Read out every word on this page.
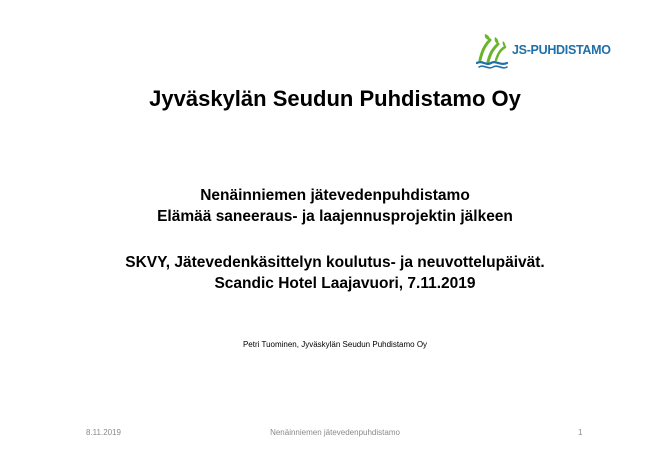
JS-PUHDISTAMO
Jyväskylän Seudun Puhdistamo Oy
Nenäinniemen jätevedenpuhdistamo
Elämää saneeraus- ja laajennusprojektin jälkeen
SKVY, Jätevedenkäsittelyn koulutus- ja neuvottelupäivät.
Scandic Hotel Laajavuori, 7.11.2019
Petri Tuominen, Jyväskylän Seudun Puhdistamo Oy
8.11.2019	Nenäinniemen jätevedenpuhdistamo	1
